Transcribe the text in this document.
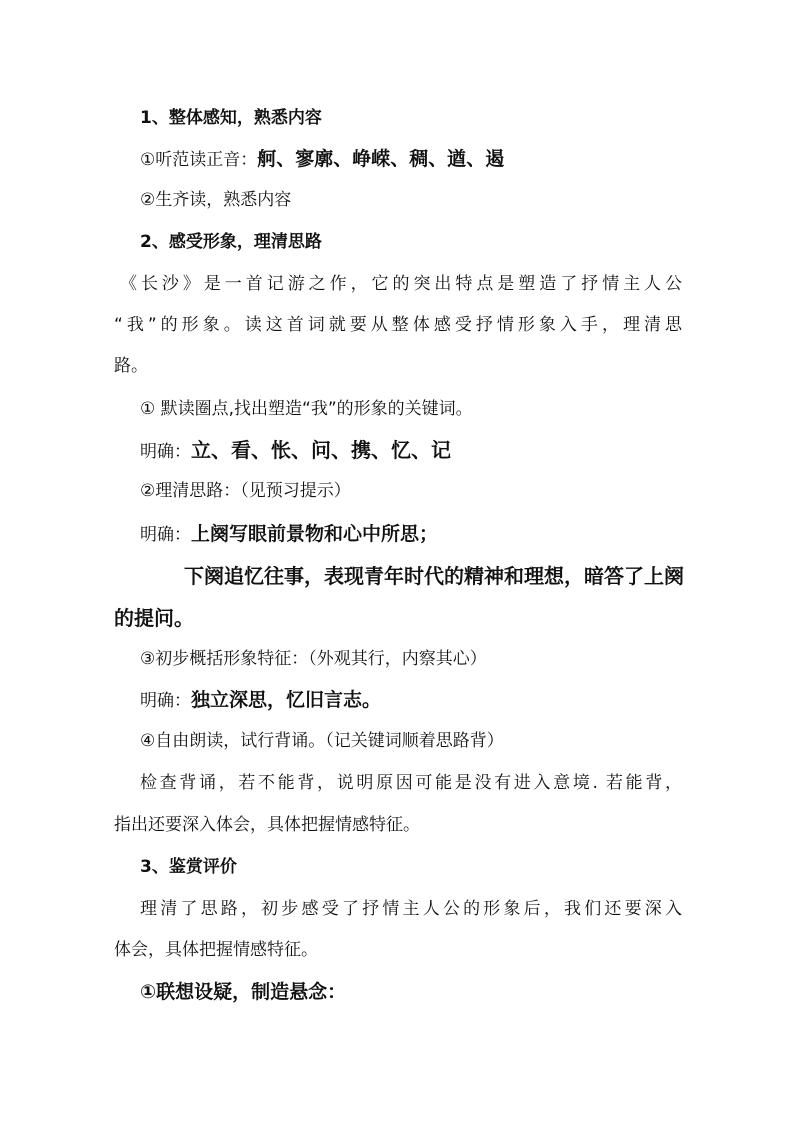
1、整体感知，熟悉内容
①听范读正音：舸、寥廓、峥嵘、稠、遒、遏
②生齐读，熟悉内容
2、感受形象，理清思路
《长沙》是一首记游之作，它的突出特点是塑造了抒情主人公
“我”的形象。读这首词就要从整体感受抒情形象入手，理清思
路。
① 默读圈点,找出塑造“我”的形象的关键词。
明确：立、看、怅、问、携、忆、记
②理清思路：（见预习提示）
明确：上阕写眼前景物和心中所思；
下阕追忆往事，表现青年时代的精神和理想，暗答了上阕
的提问。
③初步概括形象特征：（外观其行，内察其心）
明确：独立深思，忆旧言志。
④自由朗读，试行背诵。（记关键词顺着思路背）
检查背诵，若不能背，说明原因可能是没有进入意境. 若能背，
指出还要深入体会，具体把握情感特征。
3、鉴赏评价
理清了思路，初步感受了抒情主人公的形象后，我们还要深入
体会，具体把握情感特征。
①联想设疑，制造悬念：
